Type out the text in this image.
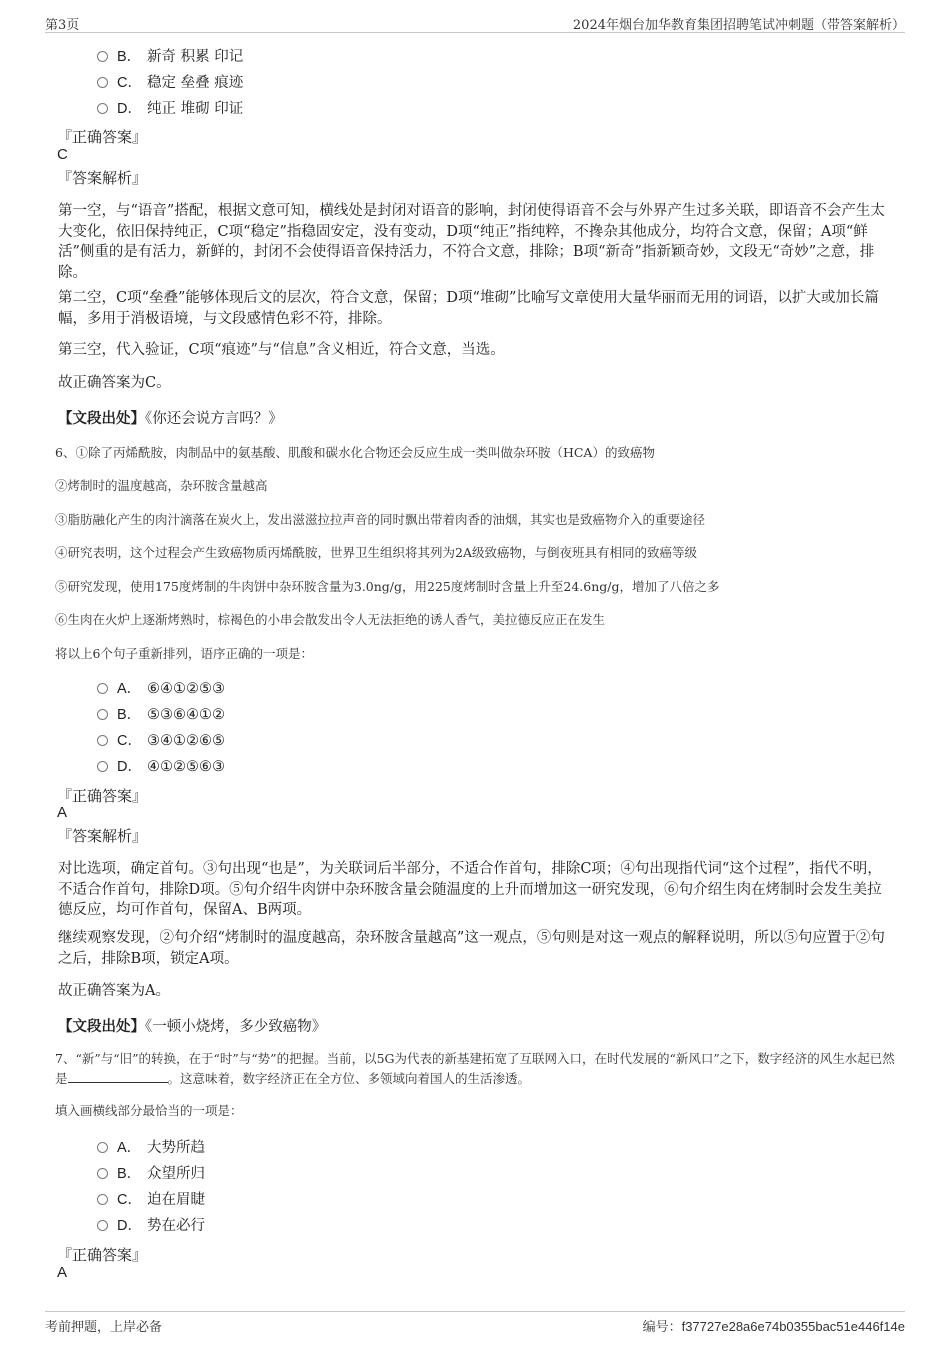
第3页	2024年烟台加华教育集团招聘笔试冲刺题（带答案解析）
B． 新奇 积累 印记
C． 稳定 垒叠 痕迹
D． 纯正 堆砌 印证
『正确答案』
C
『答案解析』
第一空，与“语音”搭配，根据文意可知，横线处是封闭对语音的影响，封闭使得语音不会与外界产生过多关联，即语音不会产生太大变化，依旧保持纯正，C项“稳定”指稳固安定，没有变动，D项“纯正”指纯粹，不搀杂其他成分，均符合文意，保留；A项“鲜活”侧重的是有活力，新鲜的，封闭不会使得语音保持活力，不符合文意，排除；B项“新奇”指新颖奇妙，文段无“奇妙”之意，排除。
第二空，C项“垒叠”能够体现后文的层次，符合文意，保留；D项“堆砌”比喻写文章使用大量华丽而无用的词语，以扩大或加长篇幅，多用于消极语境，与文段感情色彩不符，排除。
第三空，代入验证，C项“痕迹”与“信息”含义相近，符合文意，当选。
故正确答案为C。
【文段出处】《你还会说方言吗？》
6、①除了丙烯酰胺，肉制品中的氨基酸、肌酸和碳水化合物还会反应生成一类叫做杂环胺（HCA）的致癌物
②烤制时的温度越高，杂环胺含量越高
③脂肪融化产生的肉汁滴落在炭火上，发出滋滋拉拉声音的同时飘出带着肉香的油烟，其实也是致癌物介入的重要途径
④研究表明，这个过程会产生致癌物质丙烯酰胺，世界卫生组织将其列为2A级致癌物，与倒夜班具有相同的致癌等级
⑤研究发现，使用175度烤制的牛肉饼中杂环胺含量为3.0ng/g，用225度烤制时含量上升至24.6ng/g，增加了八倍之多
⑥生肉在火炉上逐渐烤熟时，棕褐色的小串会散发出令人无法拒绝的诱人香气，美拉德反应正在发生
将以上6个句子重新排列，语序正确的一项是：
A． ⑥④①②⑤③
B． ⑤③⑥④①②
C． ③④①②⑥⑤
D． ④①②⑤⑥③
『正确答案』
A
『答案解析』
对比选项，确定首句。③句出现“也是”，为关联词后半部分，不适合作首句，排除C项；④句出现指代词“这个过程”，指代不明，不适合作首句，排除D项。⑤句介绍牛肉饼中杂环胺含量会随温度的上升而增加这一研究发现，⑥句介绍生肉在烤制时会发生美拉德反应，均可作首句，保留A、B两项。
继续观察发现，②句介绍“烤制时的温度越高，杂环胺含量越高”这一观点，⑤句则是对这一观点的解释说明，所以⑤句应置于②句之后，排除B项，锁定A项。
故正确答案为A。
【文段出处】《一顿小烧烤，多少致癌物》
7、“新”与“旧”的转换，在于“时”与“势”的把握。当前，以5G为代表的新基建拓宽了互联网入口，在时代发展的“新风口”之下，数字经济的风生水起已然是	。这意味着，数字经济正在全方位、多领域向着国人的生活渗透。
填入画横线部分最恰当的一项是：
A． 大势所趋
B． 众望所归
C． 迫在眉睫
D． 势在必行
『正确答案』
A
考前押题，上岸必备	编号：f37727e28a6e74b0355bac51e446f14e
